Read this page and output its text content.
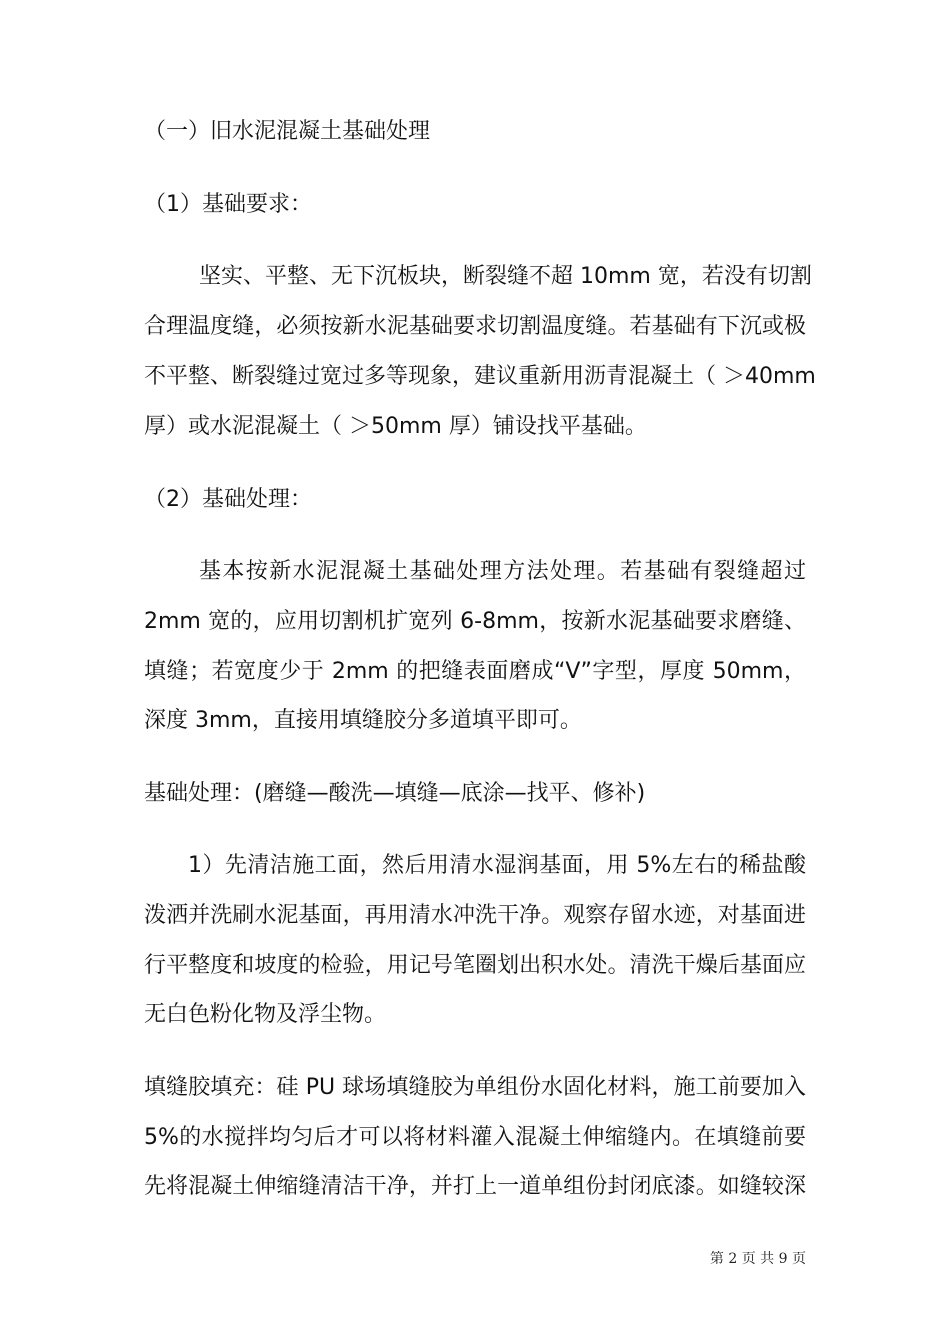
（一）旧水泥混凝土基础处理
（1）基础要求：
坚实、平整、无下沉板块，断裂缝不超 10mm 宽，若没有切割
合理温度缝，必须按新水泥基础要求切割温度缝。若基础有下沉或极
不平整、断裂缝过宽过多等现象，建议重新用沥青混凝土（ ＞40mm
厚）或水泥混凝土（ ＞50mm 厚）铺设找平基础。
（2）基础处理：
基本按新水泥混凝土基础处理方法处理。若基础有裂缝超过
2mm 宽的，应用切割机扩宽列 6-8mm，按新水泥基础要求磨缝、
填缝；若宽度少于 2mm 的把缝表面磨成“V”字型，厚度 50mm，
深度 3mm，直接用填缝胶分多道填平即可。
基础处理：(磨缝—酸洗—填缝—底涂—找平、修补)
1）先清洁施工面，然后用清水湿润基面，用 5%左右的稀盐酸
泼洒并洗刷水泥基面，再用清水冲洗干净。观察存留水迹，对基面进
行平整度和坡度的检验，用记号笔圈划出积水处。清洗干燥后基面应
无白色粉化物及浮尘物。
填缝胶填充：硅 PU 球场填缝胶为单组份水固化材料，施工前要加入
5%的水搅拌均匀后才可以将材料灌入混凝土伸缩缝内。在填缝前要
先将混凝土伸缩缝清洁干净，并打上一道单组份封闭底漆。如缝较深
第 2 页 共 9 页
